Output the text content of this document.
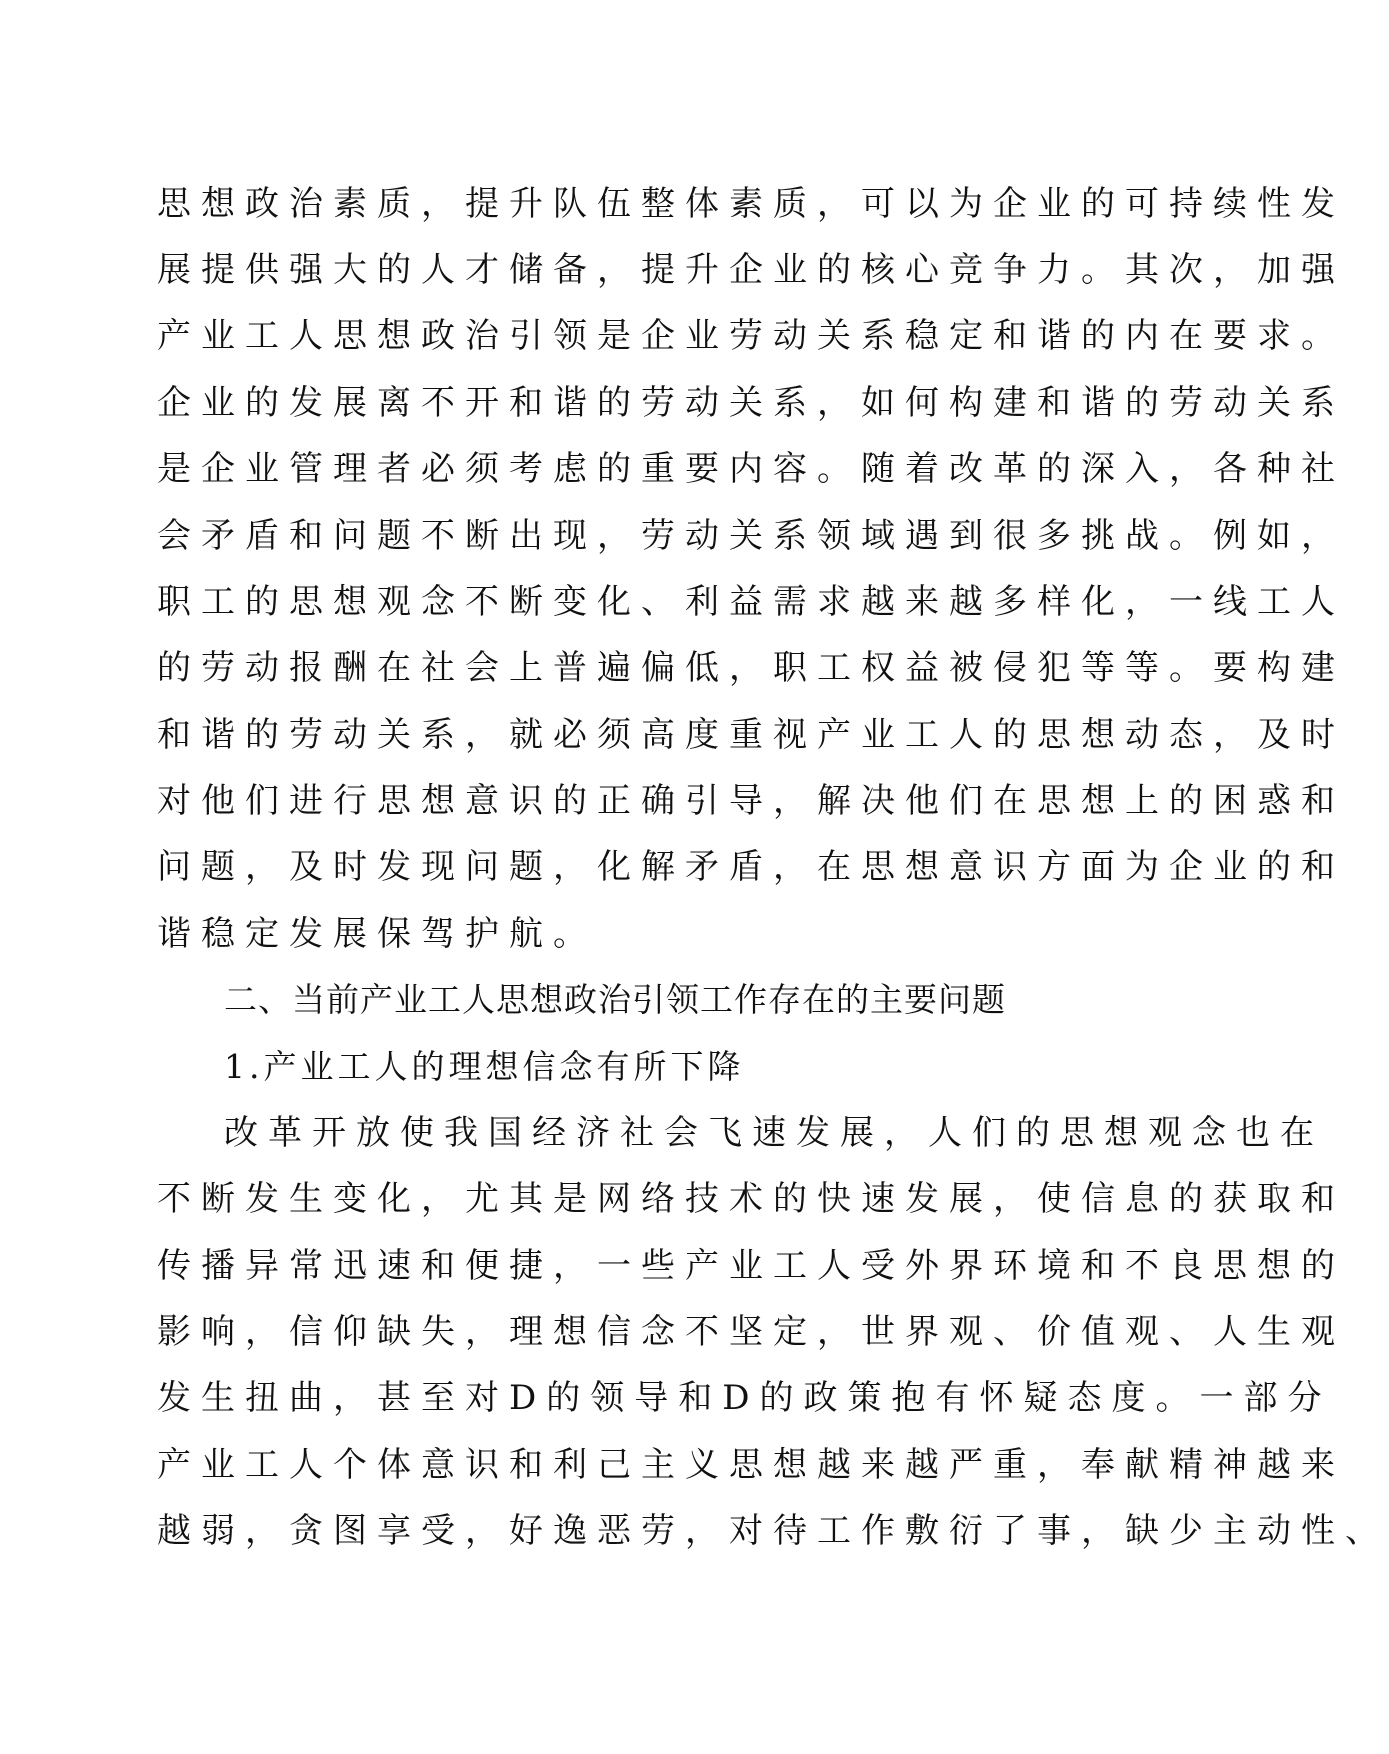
思想政治素质，提升队伍整体素质，可以为企业的可持续性发
展提供强大的人才储备，提升企业的核心竞争力。其次，加强
产业工人思想政治引领是企业劳动关系稳定和谐的内在要求。
企业的发展离不开和谐的劳动关系，如何构建和谐的劳动关系
是企业管理者必须考虑的重要内容。随着改革的深入，各种社
会矛盾和问题不断出现，劳动关系领域遇到很多挑战。例如，
职工的思想观念不断变化、利益需求越来越多样化，一线工人
的劳动报酬在社会上普遍偏低，职工权益被侵犯等等。要构建
和谐的劳动关系，就必须高度重视产业工人的思想动态，及时
对他们进行思想意识的正确引导，解决他们在思想上的困惑和
问题，及时发现问题，化解矛盾，在思想意识方面为企业的和
谐稳定发展保驾护航。
二、当前产业工人思想政治引领工作存在的主要问题
1.产业工人的理想信念有所下降
改革开放使我国经济社会飞速发展，人们的思想观念也在
不断发生变化，尤其是网络技术的快速发展，使信息的获取和
传播异常迅速和便捷，一些产业工人受外界环境和不良思想的
影响，信仰缺失，理想信念不坚定，世界观、价值观、人生观
发生扭曲，甚至对D的领导和D的政策抱有怀疑态度。一部分
产业工人个体意识和利己主义思想越来越严重，奉献精神越来
越弱，贪图享受，好逸恶劳，对待工作敷衍了事，缺少主动性、
